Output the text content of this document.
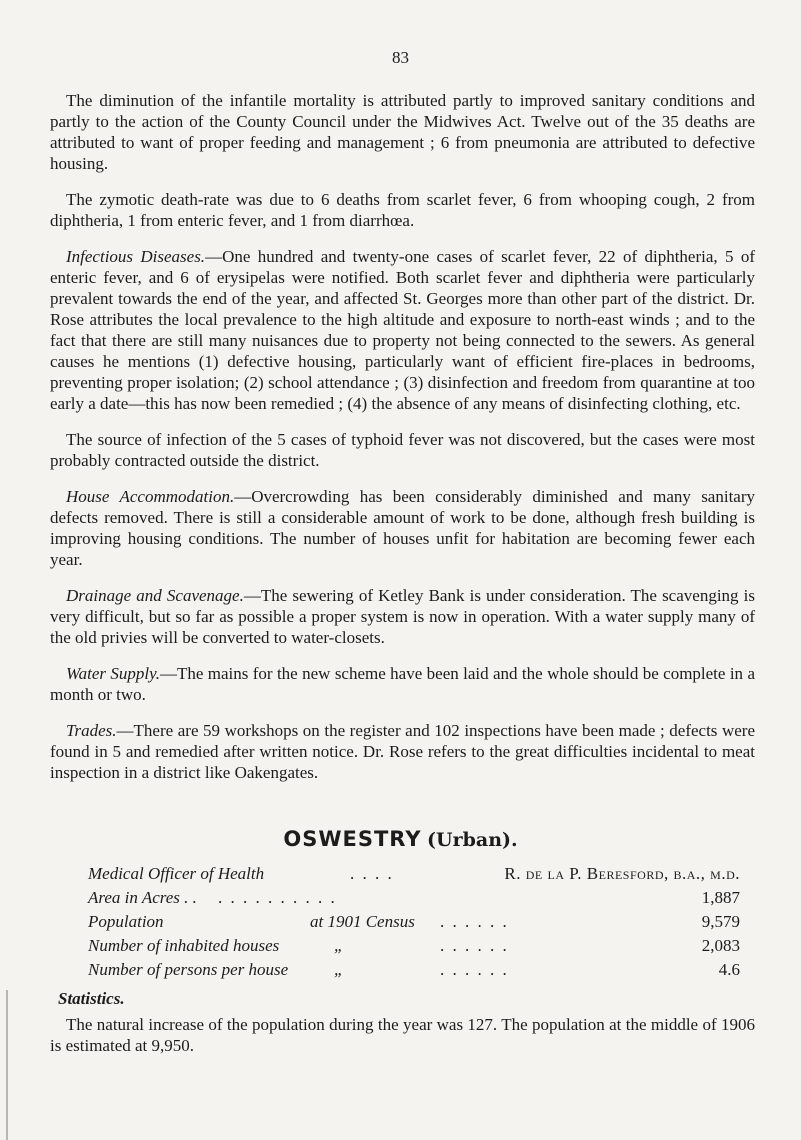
83

The diminution of the infantile mortality is attributed partly to improved sanitary conditions and partly to the action of the County Council under the Midwives Act. Twelve out of the 35 deaths are attributed to want of proper feeding and management ; 6 from pneumonia are attributed to defective housing.

The zymotic death-rate was due to 6 deaths from scarlet fever, 6 from whooping cough, 2 from diphtheria, 1 from enteric fever, and 1 from diarrhœa.

Infectious Diseases.—One hundred and twenty-one cases of scarlet fever, 22 of diphtheria, 5 of enteric fever, and 6 of erysipelas were notified. Both scarlet fever and diphtheria were particularly prevalent towards the end of the year, and affected St. Georges more than other part of the district. Dr. Rose attributes the local prevalence to the high altitude and exposure to north-east winds ; and to the fact that there are still many nuisances due to property not being connected to the sewers. As general causes he mentions (1) defective housing, particularly want of efficient fire-places in bedrooms, preventing proper isolation; (2) school attendance ; (3) disinfection and freedom from quarantine at too early a date—this has now been remedied ; (4) the absence of any means of disinfecting clothing, etc.

The source of infection of the 5 cases of typhoid fever was not discovered, but the cases were most probably contracted outside the district.

House Accommodation.—Overcrowding has been considerably diminished and many sanitary defects removed. There is still a considerable amount of work to be done, although fresh building is improving housing conditions. The number of houses unfit for habitation are becoming fewer each year.

Drainage and Scavenage.—The sewering of Ketley Bank is under consideration. The scavenging is very difficult, but so far as possible a proper system is now in operation. With a water supply many of the old privies will be converted to water-closets.

Water Supply.—The mains for the new scheme have been laid and the whole should be complete in a month or two.

Trades.—There are 59 workshops on the register and 102 inspections have been made ; defects were found in 5 and remedied after written notice. Dr. Rose refers to the great difficulties incidental to meat inspection in a district like Oakengates.

OSWESTRY (Urban).
Medical Officer of Health	. . . .	R. de la P. Beresford, b.a., m.d.
Area in Acres . . . . . . . . . . . .	1,887
Population	at 1901 Census . . . . . .	9,579
Number of inhabited houses	„	. . . . . .	2,083
Number of persons per house	„	. . . . . .	4.6
Statistics.

The natural increase of the population during the year was 127. The population at the middle of 1906 is estimated at 9,950.
